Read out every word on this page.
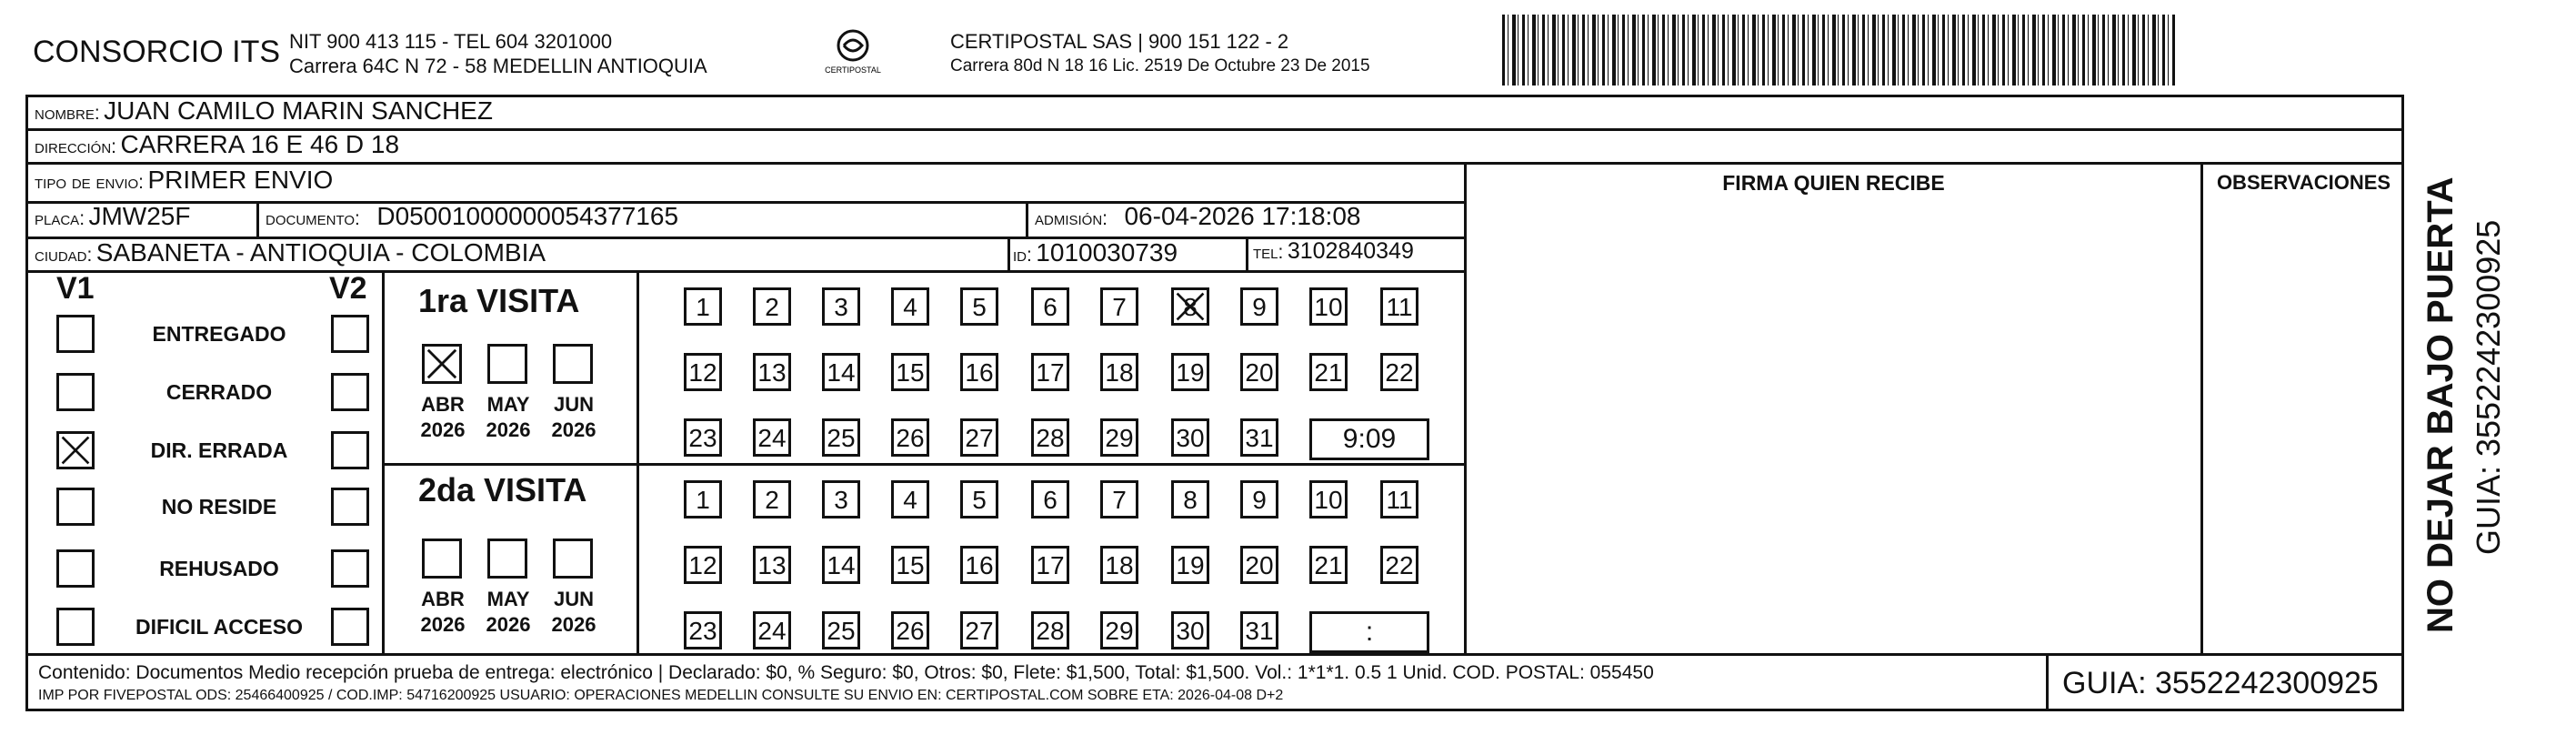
CONSORCIO ITS NIT 900 413 115 - TEL 604 3201000
Carrera 64C N 72 - 58 MEDELLIN ANTIOQUIA	CERTIPOSTAL
CERTIPOSTAL SAS | 900 151 122 - 2
Carrera 80d N 18 16 Lic. 2519 De Octubre 23 De 2015
nombre: JUAN CAMILO MARIN SANCHEZ
dirección: CARRERA 16 E 46 D 18
tipo de envio: PRIMER ENVIO
placa: JMW25F	documento: D05001000000054377165	admisión: 06-04-2026 17:18:08
ciudad: SABANETA - ANTIOQUIA - COLOMBIA	id: 1010030739	tel: 3102840349
FIRMA QUIEN RECIBE	OBSERVACIONES
V1	V2
ENTREGADO
CERRADO
DIR. ERRADA
NO RESIDE
REHUSADO
DIFICIL ACCESO
1ra VISITA
2da VISITA
ABR
2026
MAY
2026
JUN
2026
ABR
2026
MAY
2026
JUN
2026
1	2	3	4	5	6	7	8	9	10 11
12 13 14 15 16 17 18 19 20 21 22
23 24 25 26 27 28 29 30 31	9:09
1	2	3	4	5	6	7	8	9	10 11
12 13 14 15 16 17 18 19 20 21 22
23 24 25 26 27 28 29 30 31	:
Contenido: Documentos Medio recepción prueba de entrega: electrónico | Declarado: $0, % Seguro: $0, Otros: $0, Flete: $1,500, Total: $1,500. Vol.: 1*1*1. 0.5 1 Unid. COD. POSTAL: 055450
IMP POR FIVEPOSTAL ODS: 25466400925 / COD.IMP: 54716200925 USUARIO: OPERACIONES MEDELLIN CONSULTE SU ENVIO EN: CERTIPOSTAL.COM SOBRE ETA: 2026-04-08 D+2	GUIA: 3552242300925
NO DEJAR BAJO PUERTA GUIA: 3552242300925
